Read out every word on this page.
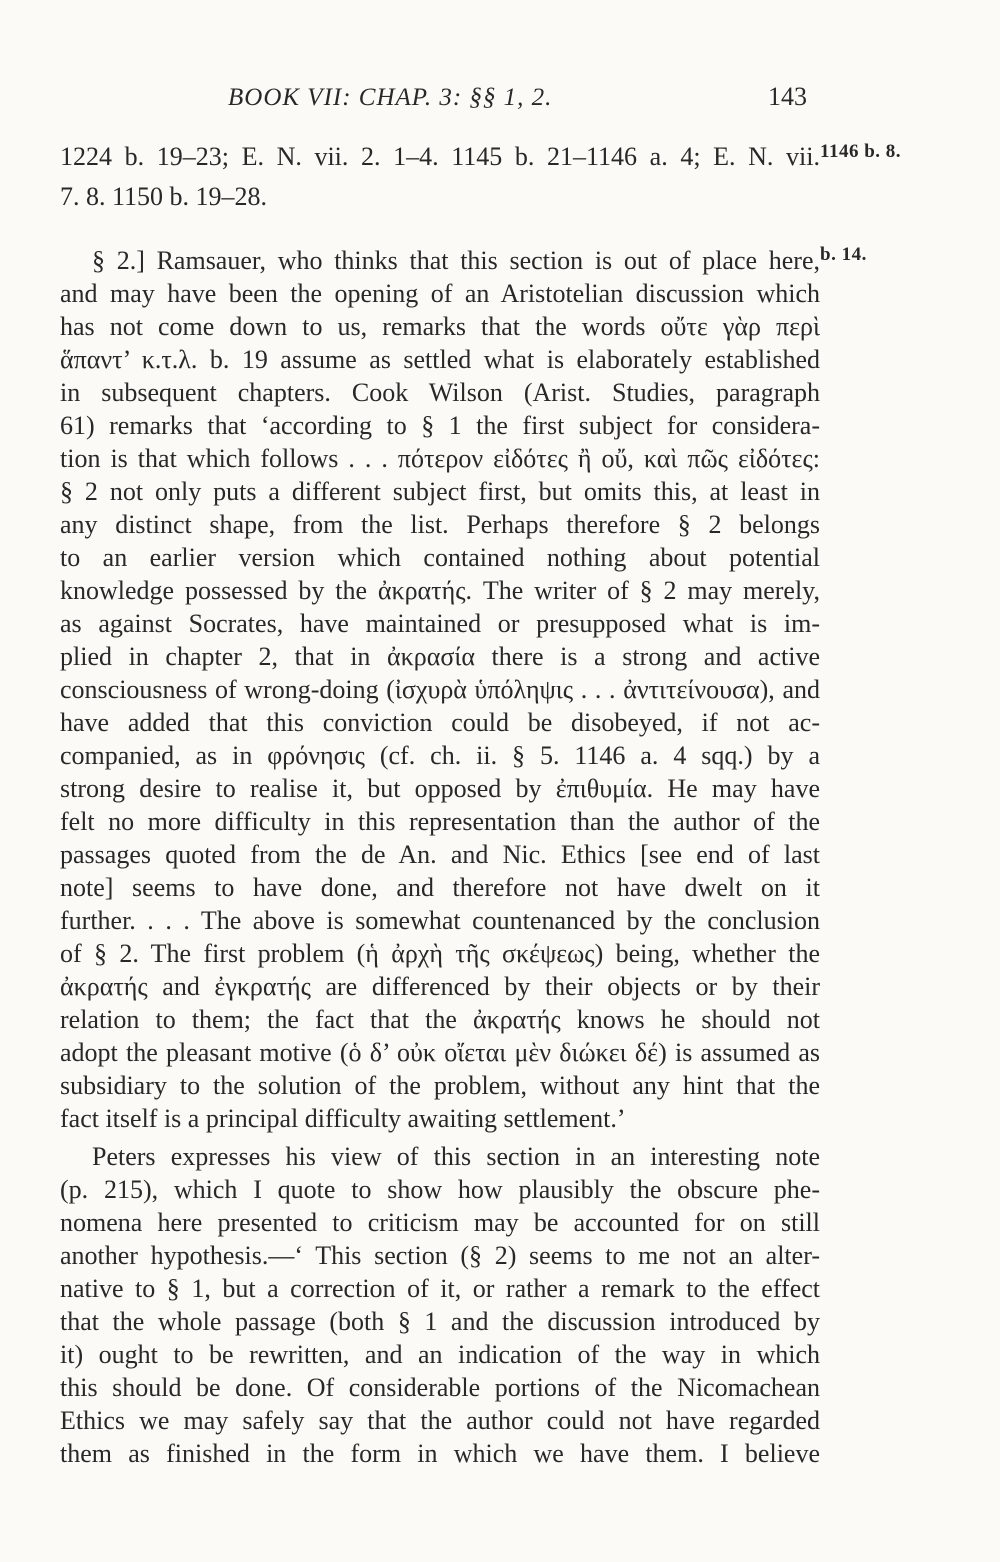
BOOK VII: CHAP. 3: §§ 1, 2.	143
1146 b. 8.
b. 14.
1224 b. 19–23; E. N. vii. 2. 1–4. 1145 b. 21–1146 a. 4; E. N. vii.
7. 8. 1150 b. 19–28.
§ 2.] Ramsauer, who thinks that this section is out of place here,
and may have been the opening of an Aristotelian discussion which
has not come down to us, remarks that the words οὔτε γὰρ περὶ
ἅπαντ’ κ.τ.λ. b. 19 assume as settled what is elaborately established
in subsequent chapters. Cook Wilson (Arist. Studies, paragraph
61) remarks that ‘according to § 1 the first subject for considera-
tion is that which follows . . . πότερον εἰδότες ἢ οὔ, καὶ πῶς εἰδότες:
§ 2 not only puts a different subject first, but omits this, at least in
any distinct shape, from the list. Perhaps therefore § 2 belongs
to an earlier version which contained nothing about potential
knowledge possessed by the ἀκρατής. The writer of § 2 may merely,
as against Socrates, have maintained or presupposed what is im-
plied in chapter 2, that in ἀκρασία there is a strong and active
consciousness of wrong-doing (ἰσχυρὰ ὑπόληψις . . . ἀντιτείνουσα), and
have added that this conviction could be disobeyed, if not ac-
companied, as in φρόνησις (cf. ch. ii. § 5. 1146 a. 4 sqq.) by a
strong desire to realise it, but opposed by ἐπιθυμία. He may have
felt no more difficulty in this representation than the author of the
passages quoted from the de An. and Nic. Ethics [see end of last
note] seems to have done, and therefore not have dwelt on it
further. . . . The above is somewhat countenanced by the conclusion
of § 2. The first problem (ἡ ἀρχὴ τῆς σκέψεως) being, whether the
ἀκρατής and ἐγκρατής are differenced by their objects or by their
relation to them; the fact that the ἀκρατής knows he should not
adopt the pleasant motive (ὁ δ’ οὐκ οἴεται μὲν διώκει δέ) is assumed as
subsidiary to the solution of the problem, without any hint that the
fact itself is a principal difficulty awaiting settlement.’
Peters expresses his view of this section in an interesting note
(p. 215), which I quote to show how plausibly the obscure phe-
nomena here presented to criticism may be accounted for on still
another hypothesis.—‘ This section (§ 2) seems to me not an alter-
native to § 1, but a correction of it, or rather a remark to the effect
that the whole passage (both § 1 and the discussion introduced by
it) ought to be rewritten, and an indication of the way in which
this should be done. Of considerable portions of the Nicomachean
Ethics we may safely say that the author could not have regarded
them as finished in the form in which we have them. I believe
